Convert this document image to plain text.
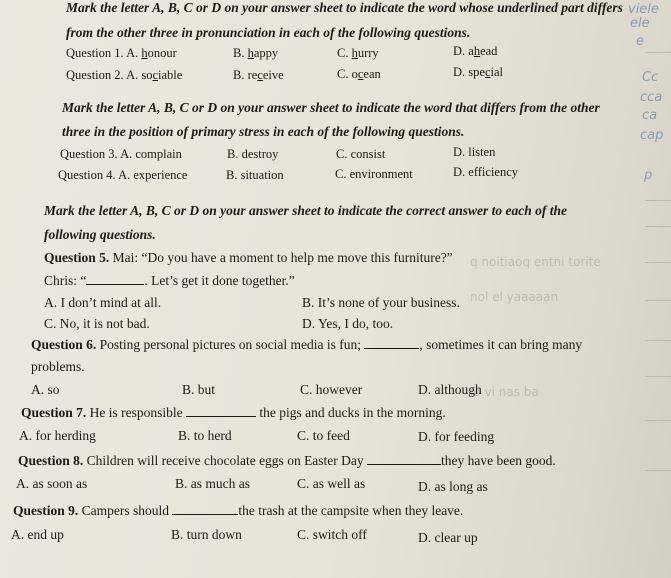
q noitiaoq entni torite
nol el yaaaaan
lo vi nas ba
viele
ele
e
Cc
cca
ca
cap
p
Mark the letter A, B, C or D on your answer sheet to indicate the word whose underlined part differs
from the other three in pronunciation in each of the following questions.
Question 1. A. honour	B. happy	C. hurry	D. ahead
Question 2. A. sociable	B. receive	C. ocean	D. special
Mark the letter A, B, C or D on your answer sheet to indicate the word that differs from the other
three in the position of primary stress in each of the following questions.
Question 3. A. complain	B. destroy	C. consist	D. listen
Question 4. A. experience	B. situation	C. environment	D. efficiency
Mark the letter A, B, C or D on your answer sheet to indicate the correct answer to each of the
following questions.
Question 5. Mai: “Do you have a moment to help me move this furniture?”
Chris: “	. Let’s get it done together.”
A. I don’t mind at all.	B. It’s none of your business.
C. No, it is not bad.	D. Yes, I do, too.
Question 6. Posting personal pictures on social media is fun;	, sometimes it can bring many
problems.
A. so	B. but	C. however	D. although
Question 7. He is responsible	the pigs and ducks in the morning.
A. for herding	B. to herd	C. to feed	D. for feeding
Question 8. Children will receive chocolate eggs on Easter Day	they have been good.
A. as soon as	B. as much as	C. as well as	D. as long as
Question 9. Campers should	the trash at the campsite when they leave.
A. end up	B. turn down	C. switch off	D. clear up
